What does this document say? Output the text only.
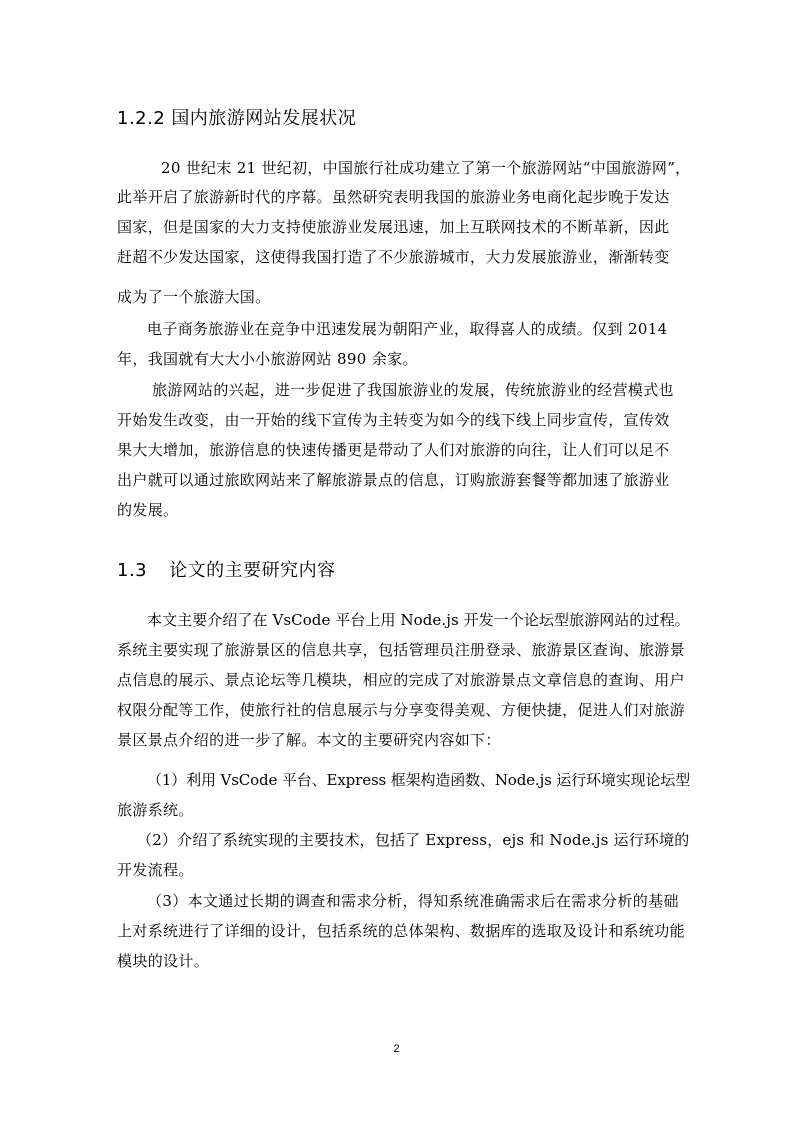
1.2.2 国内旅游网站发展状况
20 世纪末 21 世纪初，中国旅行社成功建立了第一个旅游网站“中国旅游网”，
此举开启了旅游新时代的序幕。虽然研究表明我国的旅游业务电商化起步晚于发达
国家，但是国家的大力支持使旅游业发展迅速，加上互联网技术的不断革新，因此
赶超不少发达国家，这使得我国打造了不少旅游城市，大力发展旅游业，渐渐转变
成为了一个旅游大国。
电子商务旅游业在竞争中迅速发展为朝阳产业，取得喜人的成绩。仅到 2014
年，我国就有大大小小旅游网站 890 余家。
旅游网站的兴起，进一步促进了我国旅游业的发展，传统旅游业的经营模式也
开始发生改变，由一开始的线下宣传为主转变为如今的线下线上同步宣传，宣传效
果大大增加，旅游信息的快速传播更是带动了人们对旅游的向往，让人们可以足不
出户就可以通过旅欧网站来了解旅游景点的信息，订购旅游套餐等都加速了旅游业
的发展。
1.3 论文的主要研究内容
本文主要介绍了在 VsCode 平台上用 Node.js 开发一个论坛型旅游网站的过程。
系统主要实现了旅游景区的信息共享，包括管理员注册登录、旅游景区查询、旅游景
点信息的展示、景点论坛等几模块，相应的完成了对旅游景点文章信息的查询、用户
权限分配等工作，使旅行社的信息展示与分享变得美观、方便快捷，促进人们对旅游
景区景点介绍的进一步了解。本文的主要研究内容如下：
（1）利用 VsCode 平台、Express 框架构造函数、Node.js 运行环境实现论坛型
旅游系统。
（2）介绍了系统实现的主要技术，包括了 Express，ejs 和 Node.js 运行环境的
开发流程。
（3）本文通过长期的调查和需求分析，得知系统准确需求后在需求分析的基础
上对系统进行了详细的设计，包括系统的总体架构、数据库的选取及设计和系统功能
模块的设计。
2
